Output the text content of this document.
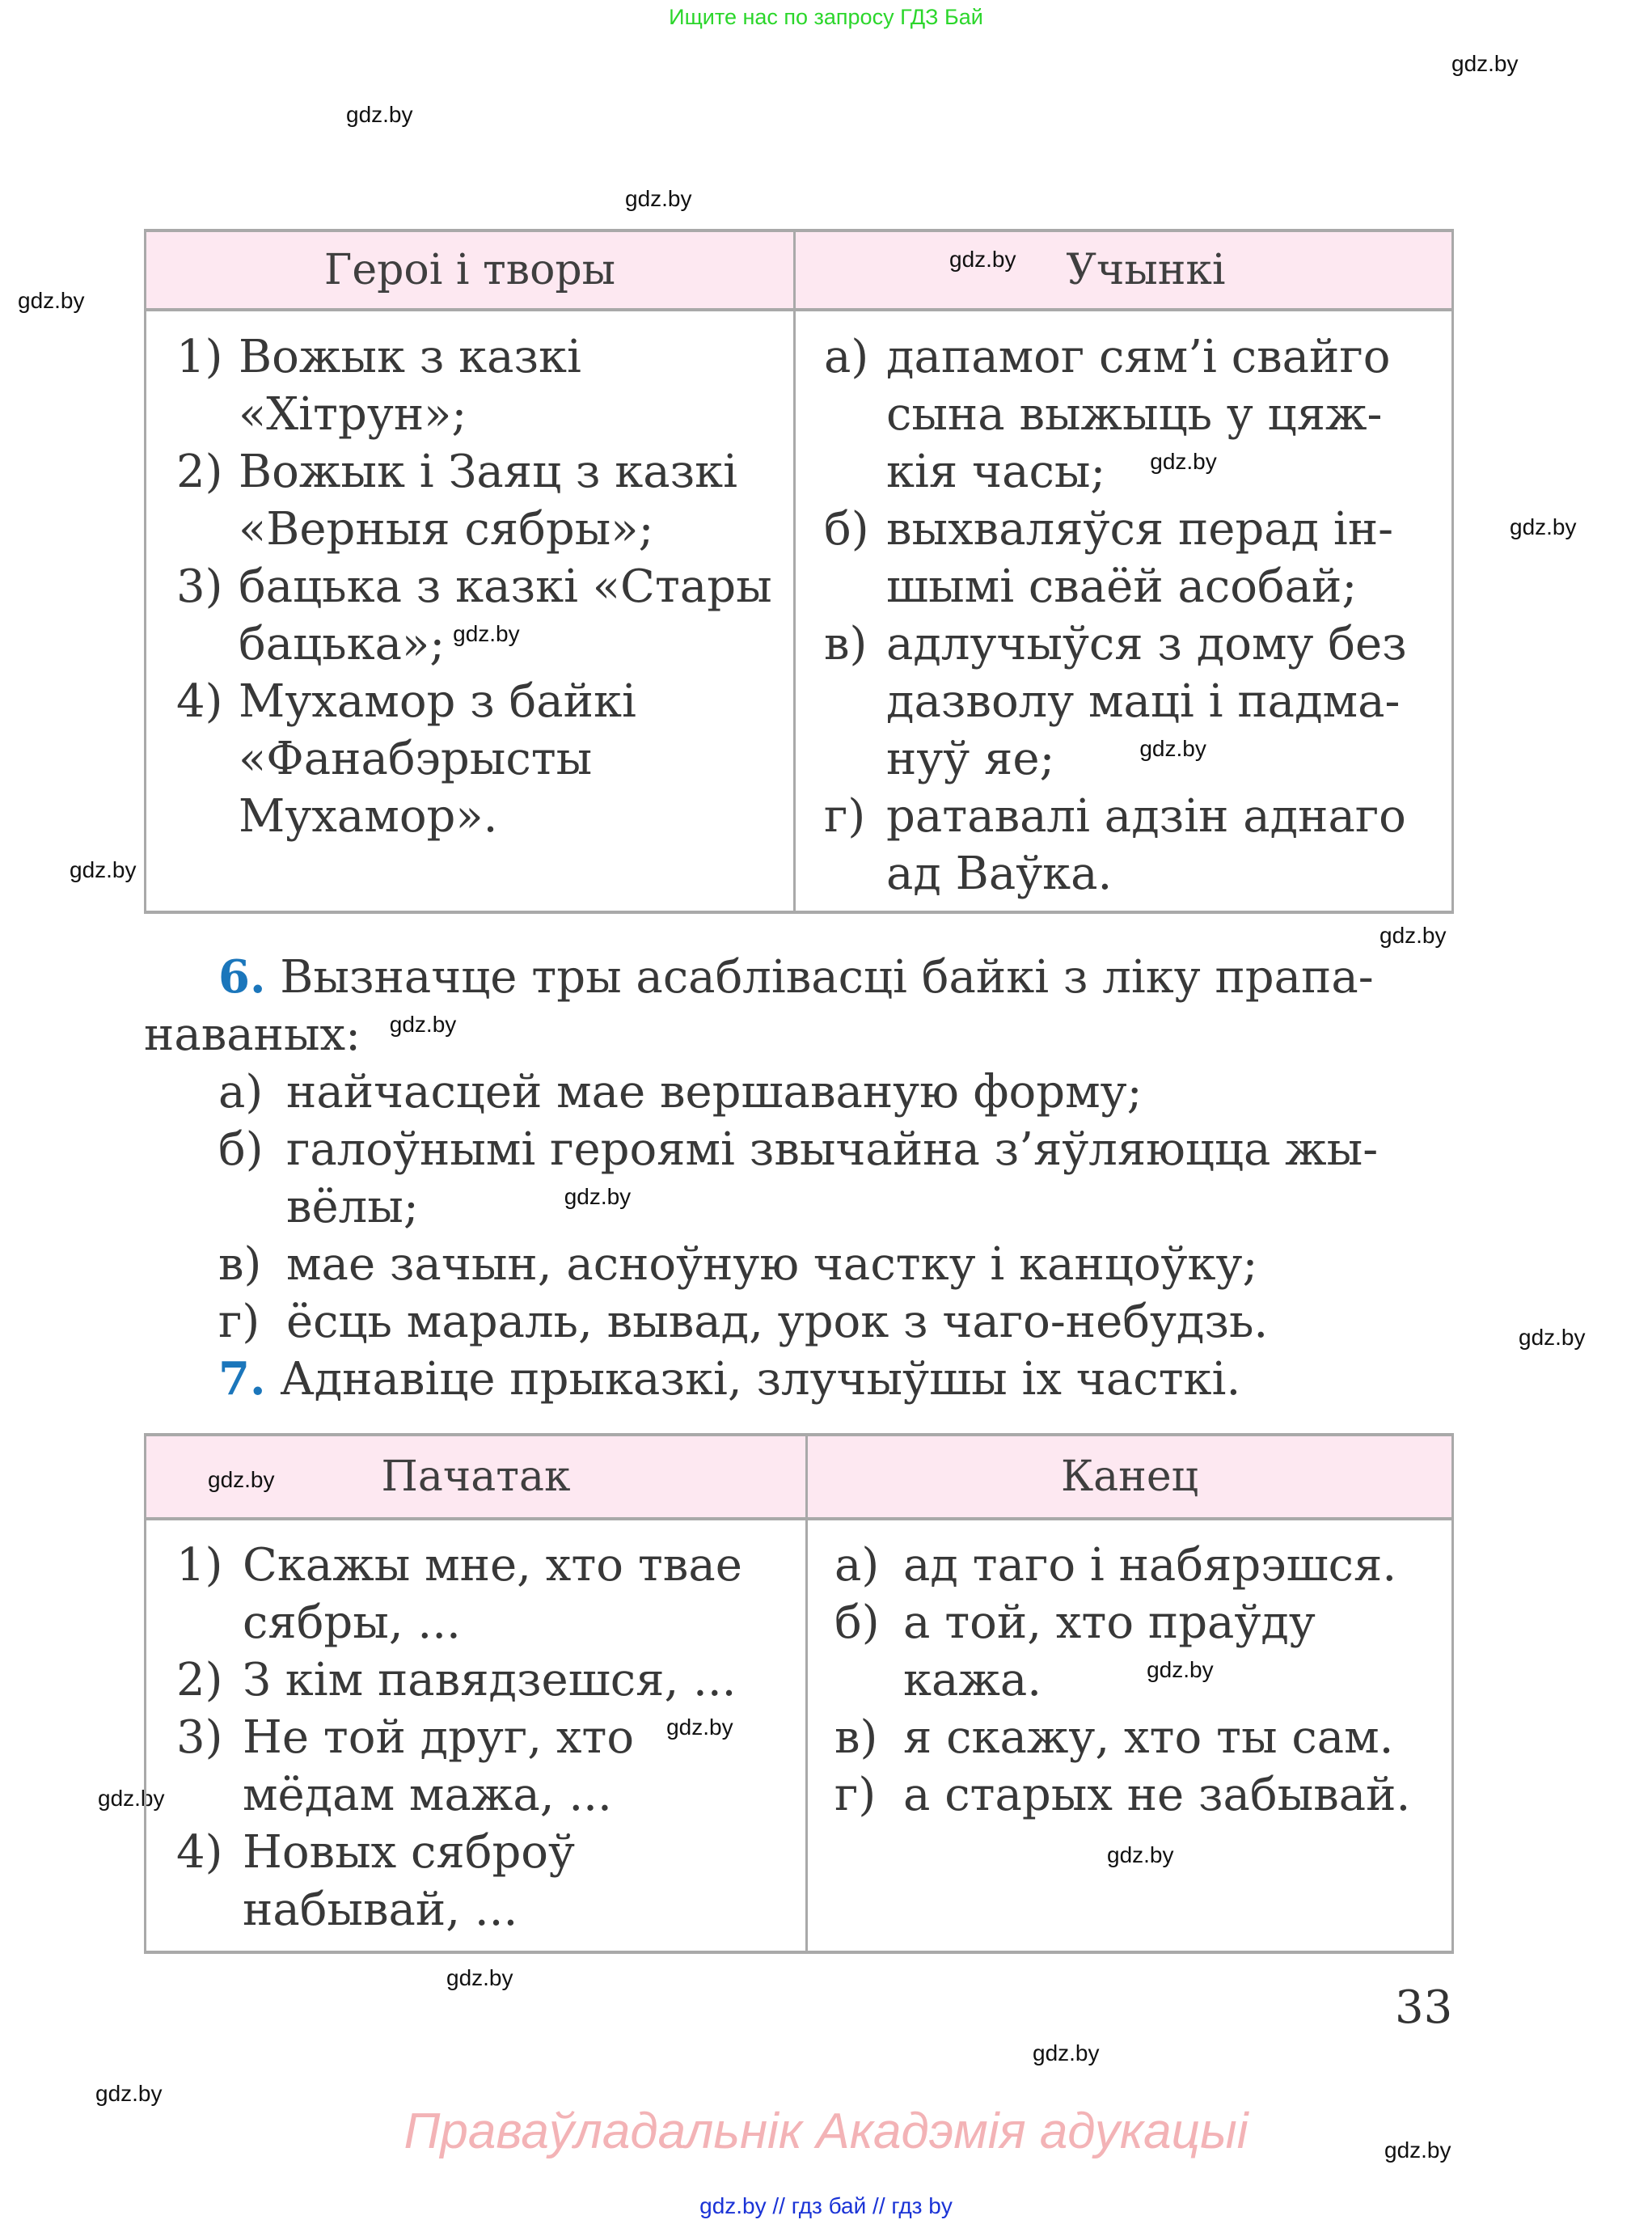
Ищите нас по запросу ГДЗ Бай
gdz.by
gdz.by
gdz.by
gdz.by
gdz.by
gdz.by
gdz.by
gdz.by
gdz.by
gdz.by
gdz.by
gdz.by
gdz.by
Героі і творы	gdz.by Учынкі
1) Вожык з казкі
«Хітрун»;
2) Вожык і Заяц з казкі
«Верныя сябры»;
3) бацька з казкі «Стары
бацька»; $^{gdz.by}$
4) Мухамор з байкі
«Фанабэрысты
Мухамор».
а) дапамог сям’і свайго
сына выжыць у цяж-
кія часы; $^{gdz.by}$
б) выхваляўся перад ін-
шымі сваёй асобай;
в) адлучыўся з дому без
дазволу маці і падма-
нуў яе;	$^{gdz.by}$
г) ратавалі адзін аднаго
ад Ваўка.
6. Вызначце тры асаблівасці байкі з ліку прапа-
наваных: $^{gdz.by}$
а) найчасцей мае вершаваную форму;
б) галоўнымі героямі звычайна з’яўляюцца жы-
вёлы;	$^{gdz.by}$
в) мае зачын, асноўную частку і канцоўку;
г) ёсць мараль, вывад, урок з чаго-небудзь.
7. Аднавіце прыказкі, злучыўшы іх часткі.
gdz.by	Пачатак	Канец
1) Скажы мне, хто твае
сябры, ...
2) З кім павядзешся, ...
3) Не той друг, хто $^{gdz.by}$
мёдам мажа, ...
4) Новых сяброў
набывай, ...
а) ад таго і набярэшся.
б) а той, хто праўду
кажа.	$^{gdz.by}$
в) я скажу, хто ты сам.
г) а старых не забывай.
gdz.by
33
Праваўладальнік Акадэмія адукацыі
gdz.by // гдз бай // гдз by
